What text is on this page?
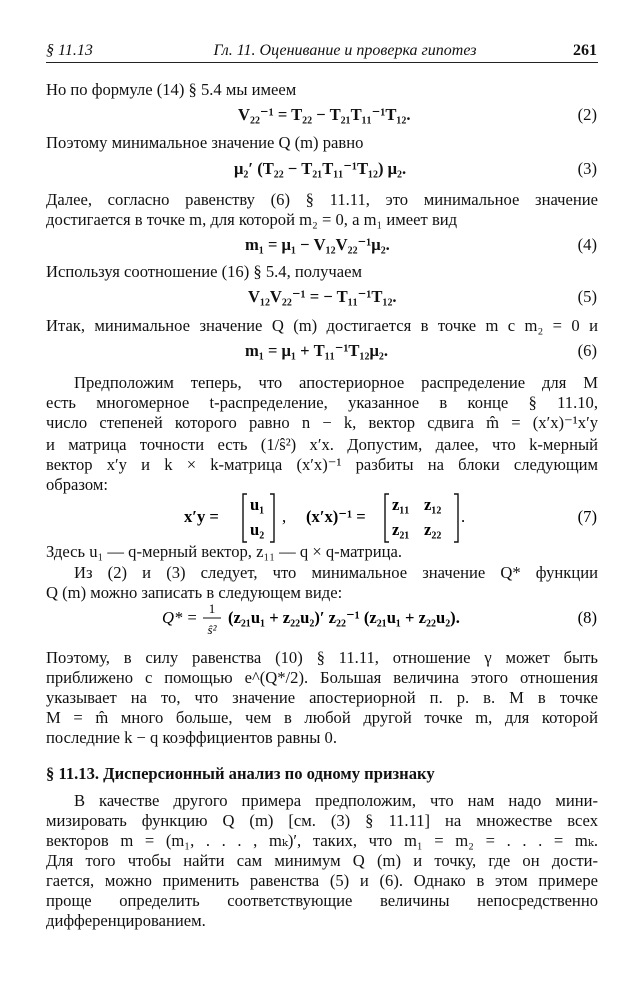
§ 11.13	Гл. 11. Оценивание и проверка гипотез	261
Но по формуле (14) § 5.4 мы имеем
V₂₂⁻¹ = T₂₂ − T₂₁T₁₁⁻¹T₁₂.	(2)
Поэтому минимальное значение Q (m) равно
μ₂′ (T₂₂ − T₂₁T₁₁⁻¹T₁₂) μ₂.	(3)
Далее, согласно равенству (6) § 11.11, это минимальное значение
достигается в точке m, для которой m₂ = 0, а m₁ имеет вид
m₁ = μ₁ − V₁₂V₂₂⁻¹μ₂.	(4)
Используя соотношение (16) § 5.4, получаем
V₁₂V₂₂⁻¹ = − T₁₁⁻¹T₁₂.	(5)
Итак, минимальное значение Q (m) достигается в точке m с m₂ = 0 и
m₁ = μ₁ + T₁₁⁻¹T₁₂μ₂.	(6)
Предположим теперь, что апостериорное распределение для M
есть многомерное t-распределение, указанное в конце § 11.10,
число степеней которого равно n − k, вектор сдвига m̂ = (x′x)⁻¹x′y
и матрица точности есть (1/ŝ²) x′x. Допустим, далее, что k-мерный
вектор x′y и k × k-матрица (x′x)⁻¹ разбиты на блоки следующим
образом:
Здесь u₁ — q-мерный вектор, z₁₁ — q × q-матрица.
Из (2) и (3) следует, что минимальное значение Q* функции
Q (m) можно записать в следующем виде:
Поэтому, в силу равенства (10) § 11.11, отношение γ может быть
приближено с помощью e^(Q*/2). Большая величина этого отношения
указывает на то, что значение апостериорной п. р. в. M в точке
M = m̂ много больше, чем в любой другой точке m, для которой
последние k − q коэффициентов равны 0.
В качестве другого примера предположим, что нам надо мини-
мизировать функцию Q (m) [см. (3) § 11.11] на множестве всех
векторов m = (m₁, . . . , mₖ)′, таких, что m₁ = m₂ = . . . = mₖ.
Для того чтобы найти сам минимум Q (m) и точку, где он дости-
гается, можно применить равенства (5) и (6). Однако в этом примере
проще определить соответствующие величины непосредственно
дифференцированием.
x′y =
u₁
u₂
, (x′x)⁻¹ =
z₁₁ z₁₂
z₂₁ z₂₂
.	(7)
Q* = 1
ŝ²
(z₂₁u₁ + z₂₂u₂)′ z₂₂⁻¹ (z₂₁u₁ + z₂₂u₂).	(8)
§ 11.13. Дисперсионный анализ по одному признаку
